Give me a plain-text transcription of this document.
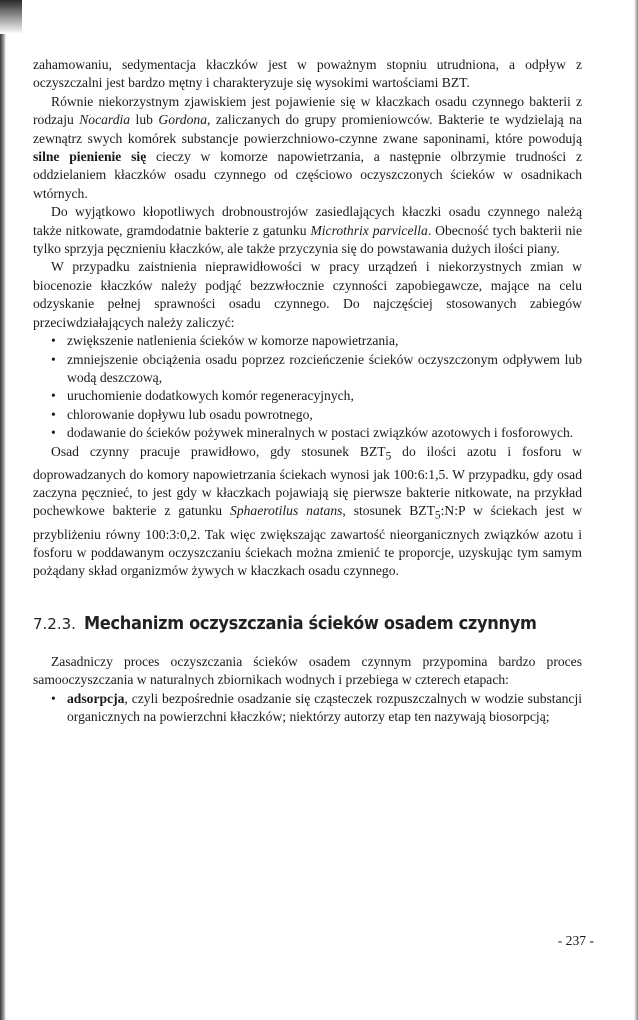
zahamowaniu, sedymentacja kłaczków jest w poważnym stopniu utrudniona, a odpływ z oczyszczalni jest bardzo mętny i charakteryzuje się wysokimi wartościami BZT.

Równie niekorzystnym zjawiskiem jest pojawienie się w kłaczkach osadu czynnego bakterii z rodzaju Nocardia lub Gordona, zaliczanych do grupy promieniowców. Bakterie te wydzielają na zewnątrz swych komórek substancje powierzchniowo-czynne zwane saponinami, które powodują silne pienienie się cieczy w komorze napowietrzania, a następnie olbrzymie trudności z oddzielaniem kłaczków osadu czynnego od częściowo oczyszczonych ścieków w osadnikach wtórnych.

Do wyjątkowo kłopotliwych drobnoustrojów zasiedlających kłaczki osadu czynnego należą także nitkowate, gramdodatnie bakterie z gatunku Microthrix parvicella. Obecność tych bakterii nie tylko sprzyja pęcznieniu kłaczków, ale także przyczynia się do powstawania dużych ilości piany.

W przypadku zaistnienia nieprawidłowości w pracy urządzeń i niekorzystnych zmian w biocenozie kłaczków należy podjąć bezzwłocznie czynności zapobiegawcze, mające na celu odzyskanie pełnej sprawności osadu czynnego. Do najczęściej stosowanych zabiegów przeciwdziałających należy zaliczyć:

• zwiększenie natlenienia ścieków w komorze napowietrzania,
• zmniejszenie obciążenia osadu poprzez rozcieńczenie ścieków oczyszczonym odpływem lub wodą deszczową,
• uruchomienie dodatkowych komór regeneracyjnych,
• chlorowanie dopływu lub osadu powrotnego,
• dodawanie do ścieków pożywek mineralnych w postaci związków azotowych i fosforowych.

Osad czynny pracuje prawidłowo, gdy stosunek $BZT_5$ do ilości azotu i fosforu w doprowadzanych do komory napowietrzania ściekach wynosi jak 100:6:1,5. W przypadku, gdy osad zaczyna pęcznieć, to jest gdy w kłaczkach pojawiają się pierwsze bakterie nitkowate, na przykład pochewkowe bakterie z gatunku Sphaerotilus natans, stosunek $BZT_5:N:P$ w ściekach jest w przybliżeniu równy 100:3:0,2. Tak więc zwiększając zawartość nieorganicznych związków azotu i fosforu w poddawanym oczyszczaniu ściekach można zmienić te proporcje, uzyskując tym samym pożądany skład organizmów żywych w kłaczkach osadu czynnego.

7.2.3. Mechanizm oczyszczania ścieków osadem czynnym

Zasadniczy proces oczyszczania ścieków osadem czynnym przypomina bardzo proces samooczyszczania w naturalnych zbiornikach wodnych i przebiega w czterech etapach:

• adsorpcja, czyli bezpośrednie osadzanie się cząsteczek rozpuszczalnych w wodzie substancji organicznych na powierzchni kłaczków; niektórzy autorzy etap ten nazywają biosorpcją;
- 237 -
